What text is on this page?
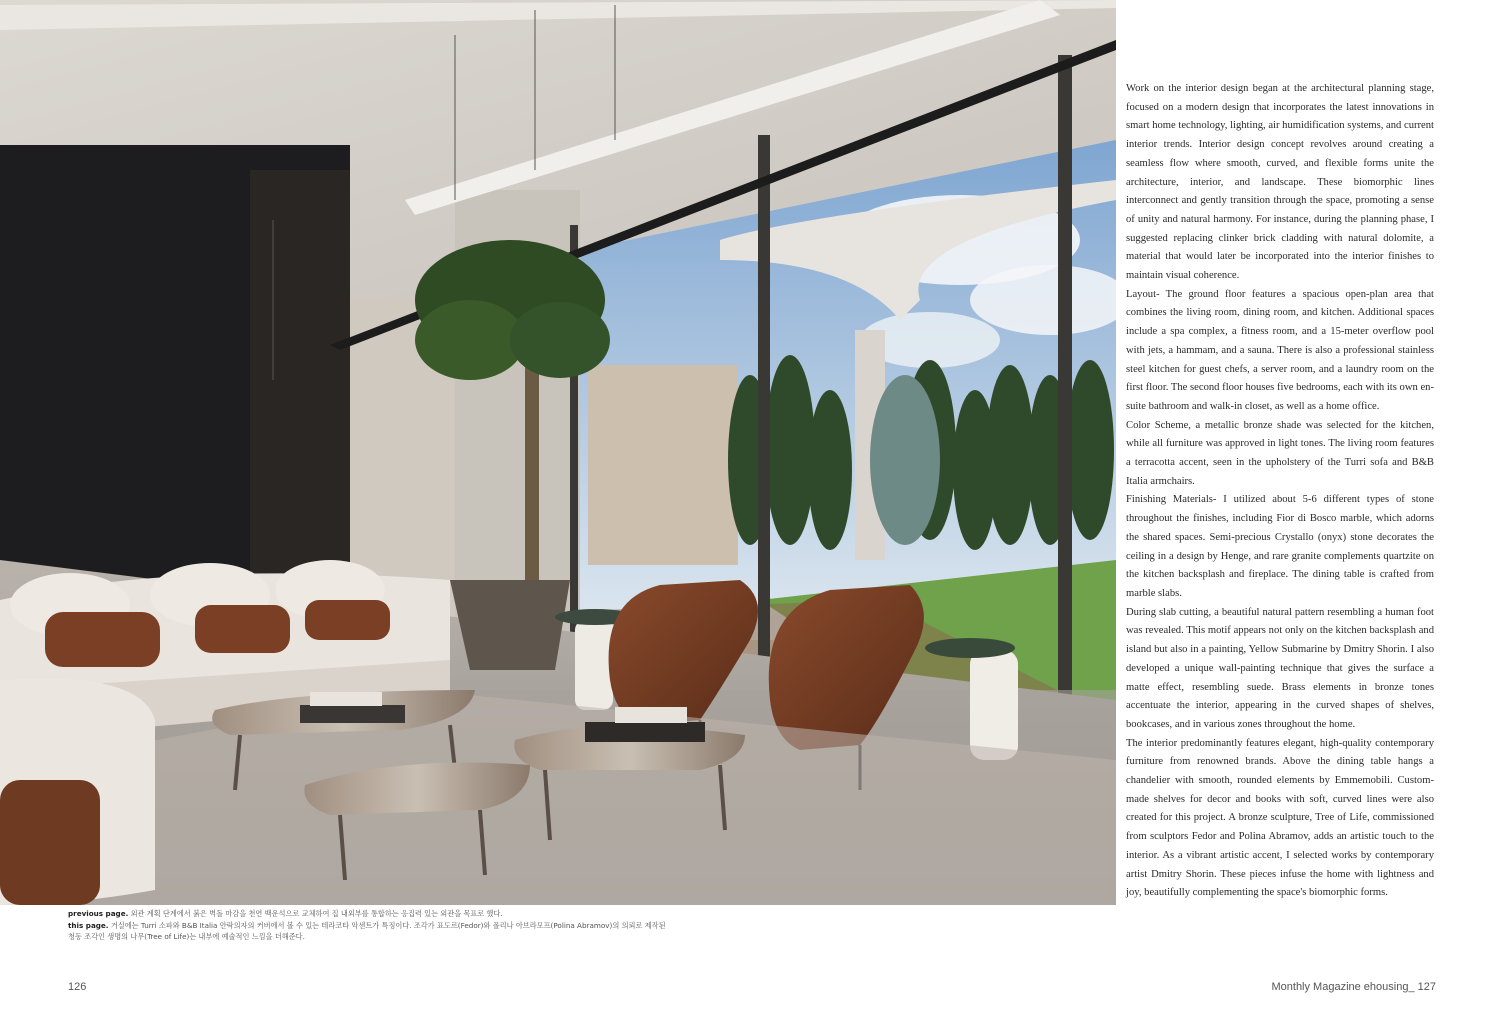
Work on the interior design began at the architectural planning stage, focused on a modern design that incorporates the latest innovations in smart home technology, lighting, air humidification systems, and current interior trends. Interior design concept revolves around creating a seamless flow where smooth, curved, and flexible forms unite the architecture, interior, and landscape. These biomorphic lines interconnect and gently transition through the space, promoting a sense of unity and natural harmony. For instance, during the planning phase, I suggested replacing clinker brick cladding with natural dolomite, a material that would later be incorporated into the interior finishes to maintain visual coherence.

Layout- The ground floor features a spacious open-plan area that combines the living room, dining room, and kitchen. Additional spaces include a spa complex, a fitness room, and a 15-meter overflow pool with jets, a hammam, and a sauna. There is also a professional stainless steel kitchen for guest chefs, a server room, and a laundry room on the first floor. The second floor houses five bedrooms, each with its own en-suite bathroom and walk-in closet, as well as a home office.

Color Scheme, a metallic bronze shade was selected for the kitchen, while all furniture was approved in light tones. The living room features a terracotta accent, seen in the upholstery of the Turri sofa and B&B Italia armchairs.

Finishing Materials- I utilized about 5-6 different types of stone throughout the finishes, including Fior di Bosco marble, which adorns the shared spaces. Semi-precious Crystallo (onyx) stone decorates the ceiling in a design by Henge, and rare granite complements quartzite on the kitchen backsplash and fireplace. The dining table is crafted from marble slabs.

During slab cutting, a beautiful natural pattern resembling a human foot was revealed. This motif appears not only on the kitchen backsplash and island but also in a painting, Yellow Submarine by Dmitry Shorin. I also developed a unique wall-painting technique that gives the surface a matte effect, resembling suede. Brass elements in bronze tones accentuate the interior, appearing in the curved shapes of shelves, bookcases, and in various zones throughout the home.

The interior predominantly features elegant, high-quality contemporary furniture from renowned brands. Above the dining table hangs a chandelier with smooth, rounded elements by Emmemobili. Custom-made shelves for decor and books with soft, curved lines were also created for this project. A bronze sculpture, Tree of Life, commissioned from sculptors Fedor and Polina Abramov, adds an artistic touch to the interior. As a vibrant artistic accent, I selected works by contemporary artist Dmitry Shorin. These pieces infuse the home with lightness and joy, beautifully complementing the space's biomorphic forms.

previous page. 외관 계획 단계에서 붉은 벽돌 마감을 천연 백운석으로 교체하여 집 내외부를 통합하는 응집력 있는 외관을 목표로 했다.
this page. 거실에는 Turri 소파와 B&B Italia 안락의자의 커버에서 볼 수 있는 테라코타 악센트가 특징이다. 조각가 표도르(Fedor)와 폴리나 아브라모프(Polina Abramov)의 의뢰로 제작된
청동 조각인 생명의 나무(Tree of Life)는 내부에 예술적인 느낌을 더해준다.
126	Monthly Magazine ehousing_ 127
